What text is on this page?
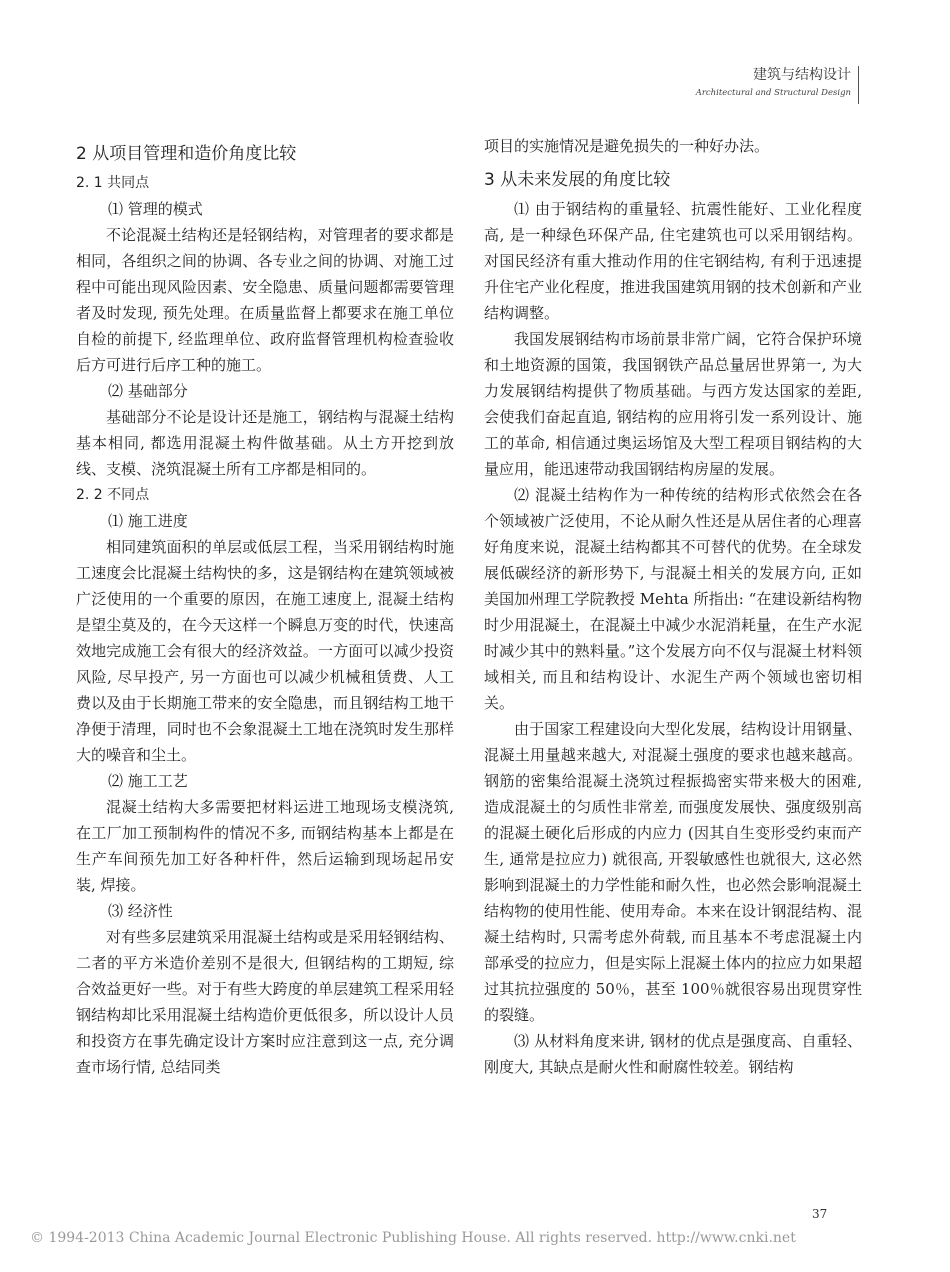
建筑与结构设计
Architectural and Structural Design
2 从项目管理和造价角度比较
2. 1 共同点
⑴ 管理的模式

不论混凝土结构还是轻钢结构，对管理者的要求都是相同，各组织之间的协调、各专业之间的协调、对施工过程中可能出现风险因素、安全隐患、质量问题都需要管理者及时发现, 预先处理。在质量监督上都要求在施工单位自检的前提下, 经监理单位、政府监督管理机构检查验收后方可进行后序工种的施工。

⑵ 基础部分

基础部分不论是设计还是施工，钢结构与混凝土结构基本相同, 都选用混凝土构件做基础。从土方开挖到放线、支模、浇筑混凝土所有工序都是相同的。

2. 2 不同点
⑴ 施工进度

相同建筑面积的单层或低层工程，当采用钢结构时施工速度会比混凝土结构快的多，这是钢结构在建筑领域被广泛使用的一个重要的原因，在施工速度上, 混凝土结构是望尘莫及的，在今天这样一个瞬息万变的时代，快速高效地完成施工会有很大的经济效益。一方面可以减少投资风险, 尽早投产, 另一方面也可以减少机械租赁费、人工费以及由于长期施工带来的安全隐患，而且钢结构工地干净便于清理，同时也不会象混凝土工地在浇筑时发生那样大的噪音和尘土。

⑵ 施工工艺

混凝土结构大多需要把材料运进工地现场支模浇筑, 在工厂加工预制构件的情况不多, 而钢结构基本上都是在生产车间预先加工好各种杆件，然后运输到现场起吊安装, 焊接。

⑶ 经济性

对有些多层建筑采用混凝土结构或是采用轻钢结构、二者的平方米造价差别不是很大, 但钢结构的工期短, 综合效益更好一些。对于有些大跨度的单层建筑工程采用轻钢结构却比采用混凝土结构造价更低很多，所以设计人员和投资方在事先确定设计方案时应注意到这一点, 充分调查市场行情, 总结同类

项目的实施情况是避免损失的一种好办法。

3 从未来发展的角度比较

⑴ 由于钢结构的重量轻、抗震性能好、工业化程度高, 是一种绿色环保产品, 住宅建筑也可以采用钢结构。对国民经济有重大推动作用的住宅钢结构, 有利于迅速提升住宅产业化程度，推进我国建筑用钢的技术创新和产业结构调整。

我国发展钢结构市场前景非常广阔，它符合保护环境和土地资源的国策，我国钢铁产品总量居世界第一, 为大力发展钢结构提供了物质基础。与西方发达国家的差距, 会使我们奋起直追, 钢结构的应用将引发一系列设计、施工的革命, 相信通过奥运场馆及大型工程项目钢结构的大量应用，能迅速带动我国钢结构房屋的发展。

⑵ 混凝土结构作为一种传统的结构形式依然会在各个领域被广泛使用，不论从耐久性还是从居住者的心理喜好角度来说，混凝土结构都其不可替代的优势。在全球发展低碳经济的新形势下, 与混凝土相关的发展方向, 正如美国加州理工学院教授 Mehta 所指出: “在建设新结构物时少用混凝土，在混凝土中减少水泥消耗量，在生产水泥时减少其中的熟料量。”这个发展方向不仅与混凝土材料领域相关, 而且和结构设计、水泥生产两个领域也密切相关。

由于国家工程建设向大型化发展，结构设计用钢量、混凝土用量越来越大, 对混凝土强度的要求也越来越高。钢筋的密集给混凝土浇筑过程振捣密实带来极大的困难, 造成混凝土的匀质性非常差, 而强度发展快、强度级别高的混凝土硬化后形成的内应力 (因其自生变形受约束而产生, 通常是拉应力) 就很高, 开裂敏感性也就很大, 这必然影响到混凝土的力学性能和耐久性，也必然会影响混凝土结构物的使用性能、使用寿命。本来在设计钢混结构、混凝土结构时, 只需考虑外荷载, 而且基本不考虑混凝土内部承受的拉应力，但是实际上混凝土体内的拉应力如果超过其抗拉强度的 50％，甚至 100％就很容易出现贯穿性的裂缝。

⑶ 从材料角度来讲, 钢材的优点是强度高、自重轻、刚度大, 其缺点是耐火性和耐腐性较差。钢结构

37
© 1994-2013 China Academic Journal Electronic Publishing House. All rights reserved. http://www.cnki.net
